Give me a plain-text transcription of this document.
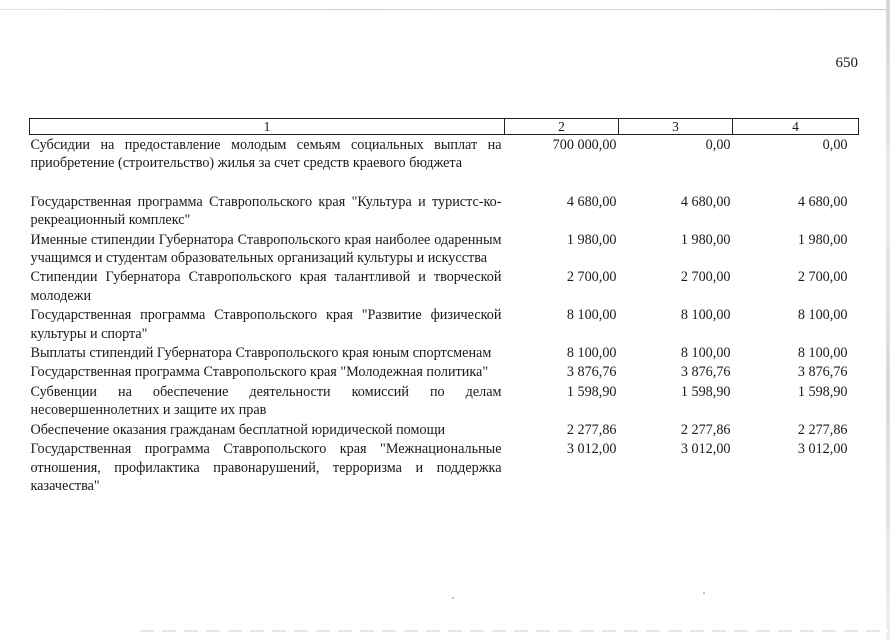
650
1	2	3	4
Субсидии на предоставление молодым семьям социальных выплат на приобретение (строительство) жилья за счет средств краевого бюджета	700 000,00	0,00	0,00
Государственная программа Ставропольского края "Культура и туристс-ко-рекреационный комплекс"	4 680,00	4 680,00	4 680,00
Именные стипендии Губернатора Ставропольского края наиболее одаренным учащимся и студентам образовательных организаций культуры и искусства	1 980,00	1 980,00	1 980,00
Стипендии Губернатора Ставропольского края талантливой и творческой молодежи	2 700,00	2 700,00	2 700,00
Государственная программа Ставропольского края "Развитие физической культуры и спорта"	8 100,00	8 100,00	8 100,00
Выплаты стипендий Губернатора Ставропольского края юным спортсменам	8 100,00	8 100,00	8 100,00
Государственная программа Ставропольского края "Молодежная политика"	3 876,76	3 876,76	3 876,76
Субвенции на обеспечение деятельности комиссий по делам несовершеннолетних и защите их прав	1 598,90	1 598,90	1 598,90
Обеспечение оказания гражданам бесплатной юридической помощи	2 277,86	2 277,86	2 277,86
Государственная программа Ставропольского края "Межнациональные отношения, профилактика правонарушений, терроризма и поддержка казачества"	3 012,00	3 012,00	3 012,00
